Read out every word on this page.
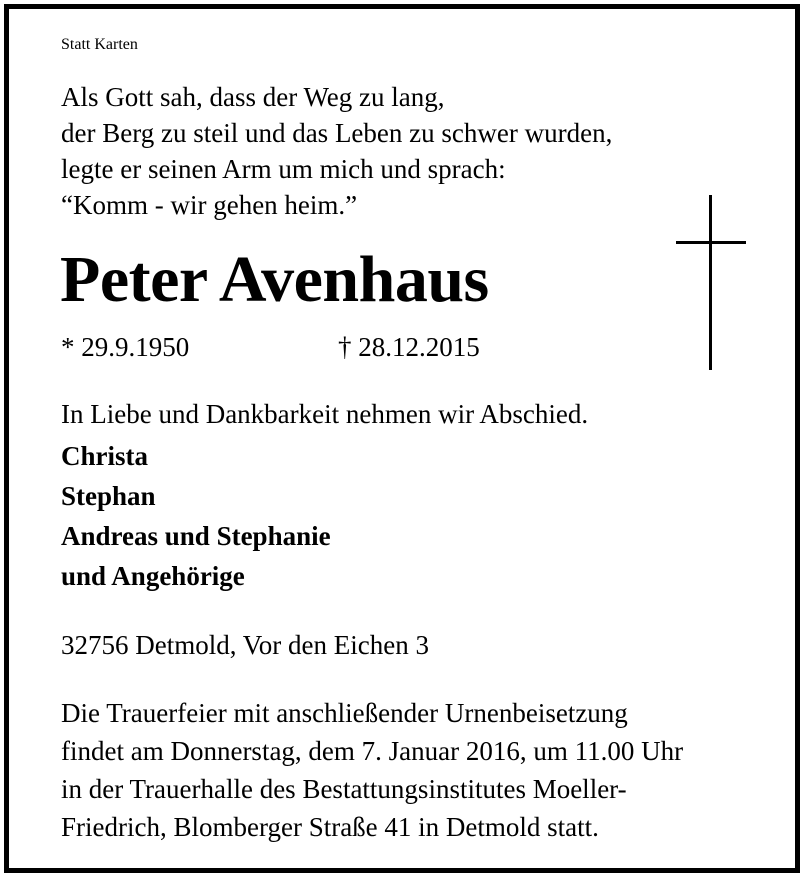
Statt Karten
Als Gott sah, dass der Weg zu lang,
der Berg zu steil und das Leben zu schwer wurden,
legte er seinen Arm um mich und sprach:
“Komm - wir gehen heim.”
Peter Avenhaus
* 29.9.1950	† 28.12.2015
In Liebe und Dankbarkeit nehmen wir Abschied.
Christa
Stephan
Andreas und Stephanie
und Angehörige
32756 Detmold, Vor den Eichen 3
Die Trauerfeier mit anschließender Urnenbeisetzung
findet am Donnerstag, dem 7. Januar 2016, um 11.00 Uhr
in der Trauerhalle des Bestattungsinstitutes Moeller-
Friedrich, Blomberger Straße 41 in Detmold statt.
